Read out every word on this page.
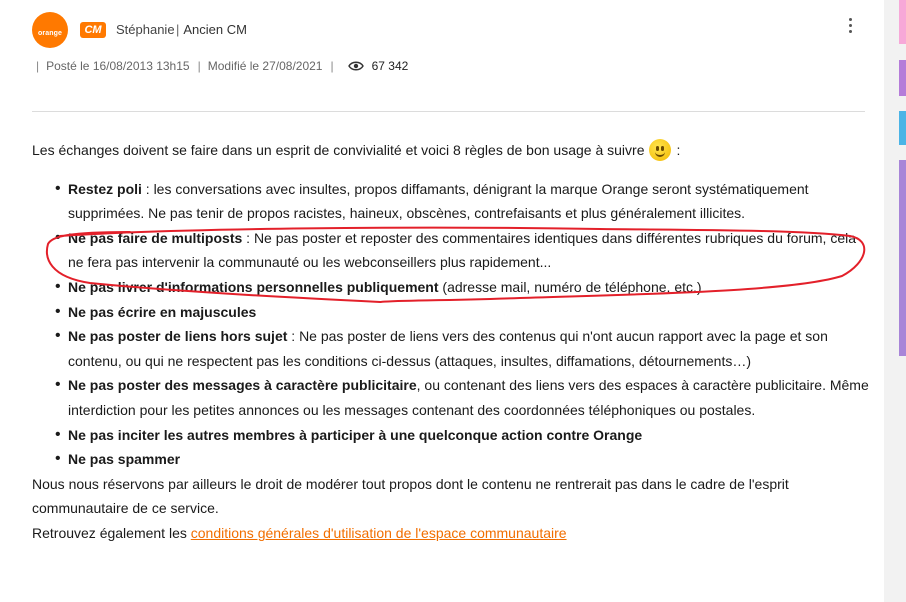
orange	CM	Stéphanie | Ancien CM
| Posté le 16/08/2013 13h15 | Modifié le 27/08/2021 |	67 342

Les échanges doivent se faire dans un esprit de convivialité et voici 8 règles de bon usage à suivre :

• Restez poli : les conversations avec insultes, propos diffamants, dénigrant la marque Orange seront systématiquement supprimées. Ne pas tenir de propos racistes, haineux, obscènes, contrefaisants et plus généralement illicites.
• Ne pas faire de multiposts : Ne pas poster et reposter des commentaires identiques dans différentes rubriques du forum, cela ne fera pas intervenir la communauté ou les webconseillers plus rapidement...
• Ne pas livrer d'informations personnelles publiquement (adresse mail, numéro de téléphone, etc.)
• Ne pas écrire en majuscules
• Ne pas poster de liens hors sujet : Ne pas poster de liens vers des contenus qui n'ont aucun rapport avec la page et son contenu, ou qui ne respectent pas les conditions ci-dessus (attaques, insultes, diffamations, détournements…)
• Ne pas poster des messages à caractère publicitaire, ou contenant des liens vers des espaces à caractère publicitaire. Même interdiction pour les petites annonces ou les messages contenant des coordonnées téléphoniques ou postales.
• Ne pas inciter les autres membres à participer à une quelconque action contre Orange
• Ne pas spammer

Nous nous réservons par ailleurs le droit de modérer tout propos dont le contenu ne rentrerait pas dans le cadre de l'esprit communautaire de ce service.

Retrouvez également les conditions générales d'utilisation de l'espace communautaire
